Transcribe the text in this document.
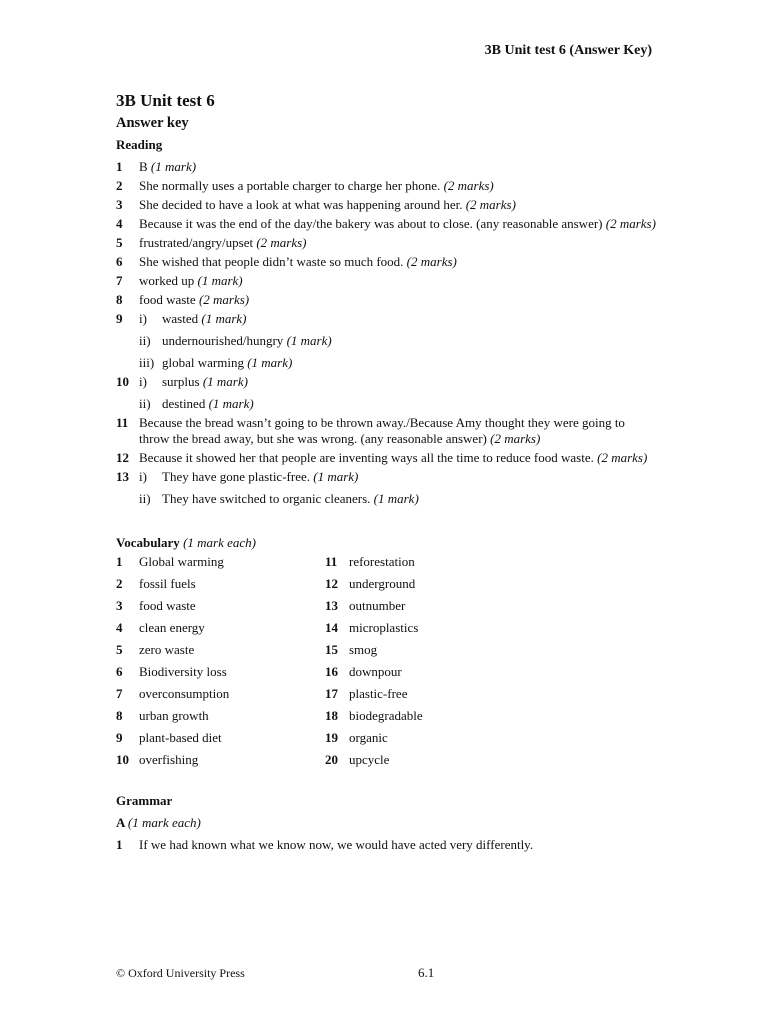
3B Unit test 6 (Answer Key)
3B Unit test 6
Answer key
Reading
1	B (1 mark)
2	She normally uses a portable charger to charge her phone. (2 marks)
3	She decided to have a look at what was happening around her. (2 marks)
4	Because it was the end of the day/the bakery was about to close. (any reasonable answer) (2 marks)
5	frustrated/angry/upset (2 marks)
6	She wished that people didn’t waste so much food. (2 marks)
7	worked up (1 mark)
8	food waste (2 marks)
9	i)	wasted (1 mark)
ii) undernourished/hungry (1 mark)
iii) global warming (1 mark)
10 i)	surplus (1 mark)
ii) destined (1 mark)
11 Because the bread wasn’t going to be thrown away./Because Amy thought they were going to throw the bread away, but she was wrong. (any reasonable answer) (2 marks)
12 Because it showed her that people are inventing ways all the time to reduce food waste. (2 marks)
13 i)	They have gone plastic-free. (1 mark)
ii) They have switched to organic cleaners. (1 mark)
Vocabulary (1 mark each)
1	Global warming	11 reforestation
2	fossil fuels	12 underground
3	food waste	13 outnumber
4	clean energy	14 microplastics
5	zero waste	15 smog
6	Biodiversity loss	16 downpour
7	overconsumption	17 plastic-free
8	urban growth	18 biodegradable
9	plant-based diet	19 organic
10 overfishing	20 upcycle
Grammar
A (1 mark each)
1	If we had known what we know now, we would have acted very differently.
© Oxford University Press	6.1
